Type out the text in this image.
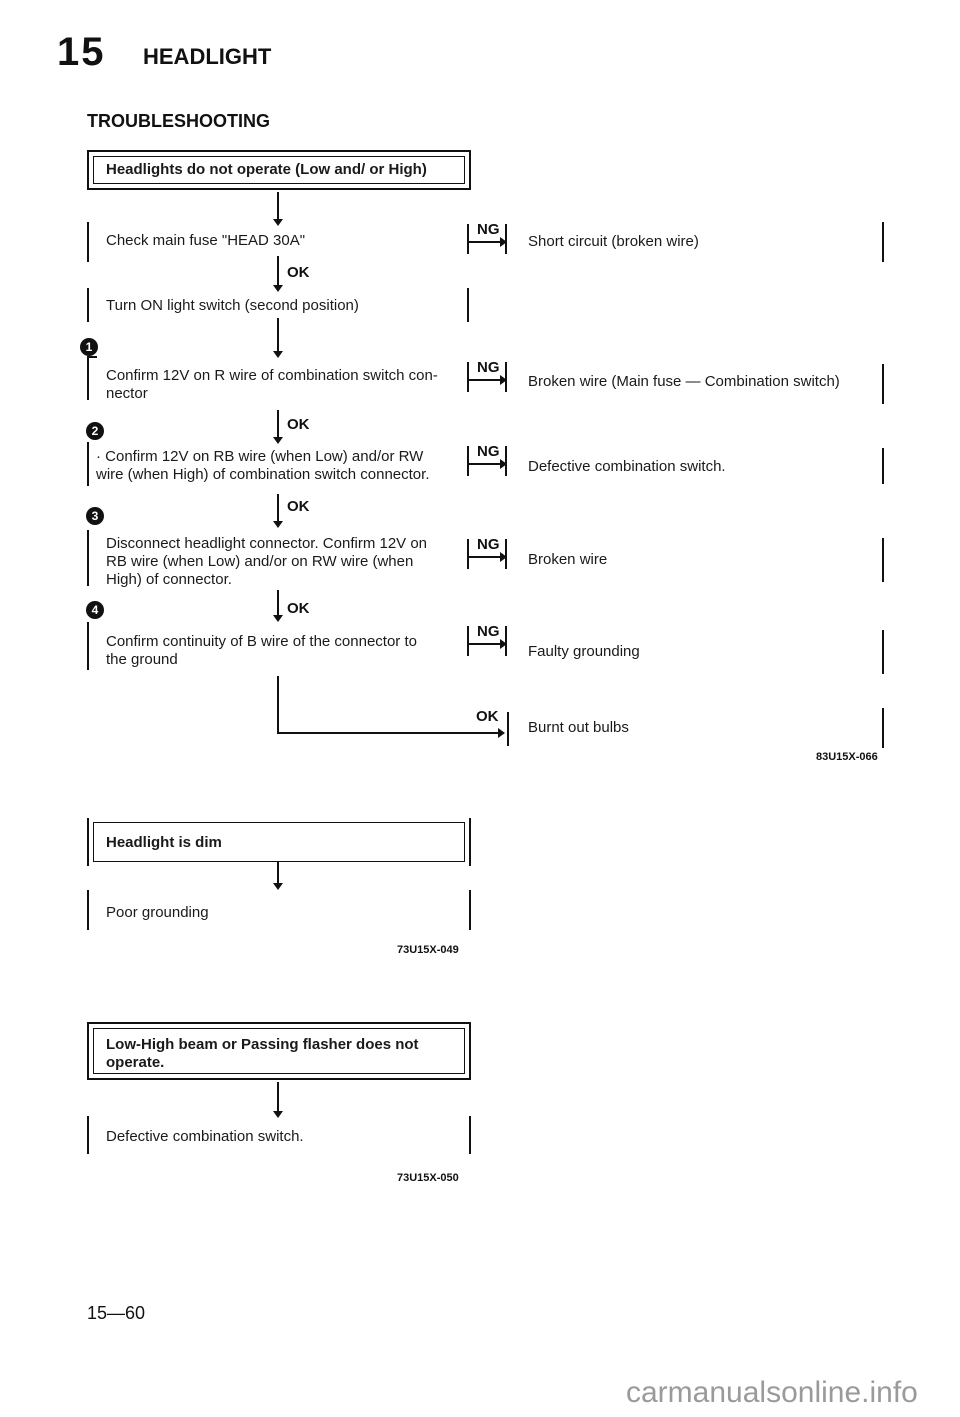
15 HEADLIGHT
TROUBLESHOOTING
Headlights do not operate (Low and/ or High)
Check main fuse "HEAD 30A"
NG
Short circuit (broken wire)
OK
Turn ON light switch (second position)
1
Confirm 12V on R wire of combination switch con-
nector
NG
Broken wire (Main fuse — Combination switch)
OK
2
· Confirm 12V on RB wire (when Low) and/or RW
wire (when High) of combination switch connector.
NG
Defective combination switch.
OK
3
Disconnect headlight connector. Confirm 12V on
RB wire (when Low) and/or on RW wire (when
High) of connector.
NG
Broken wire
OK
4
Confirm continuity of B wire of the connector to
the ground
NG
Faulty grounding
OK
Burnt out bulbs
83U15X-066
Headlight is dim
Poor grounding
73U15X-049
Low-High beam or Passing flasher does not
operate.
Defective combination switch.
73U15X-050
15—60
carmanualsonline.info
